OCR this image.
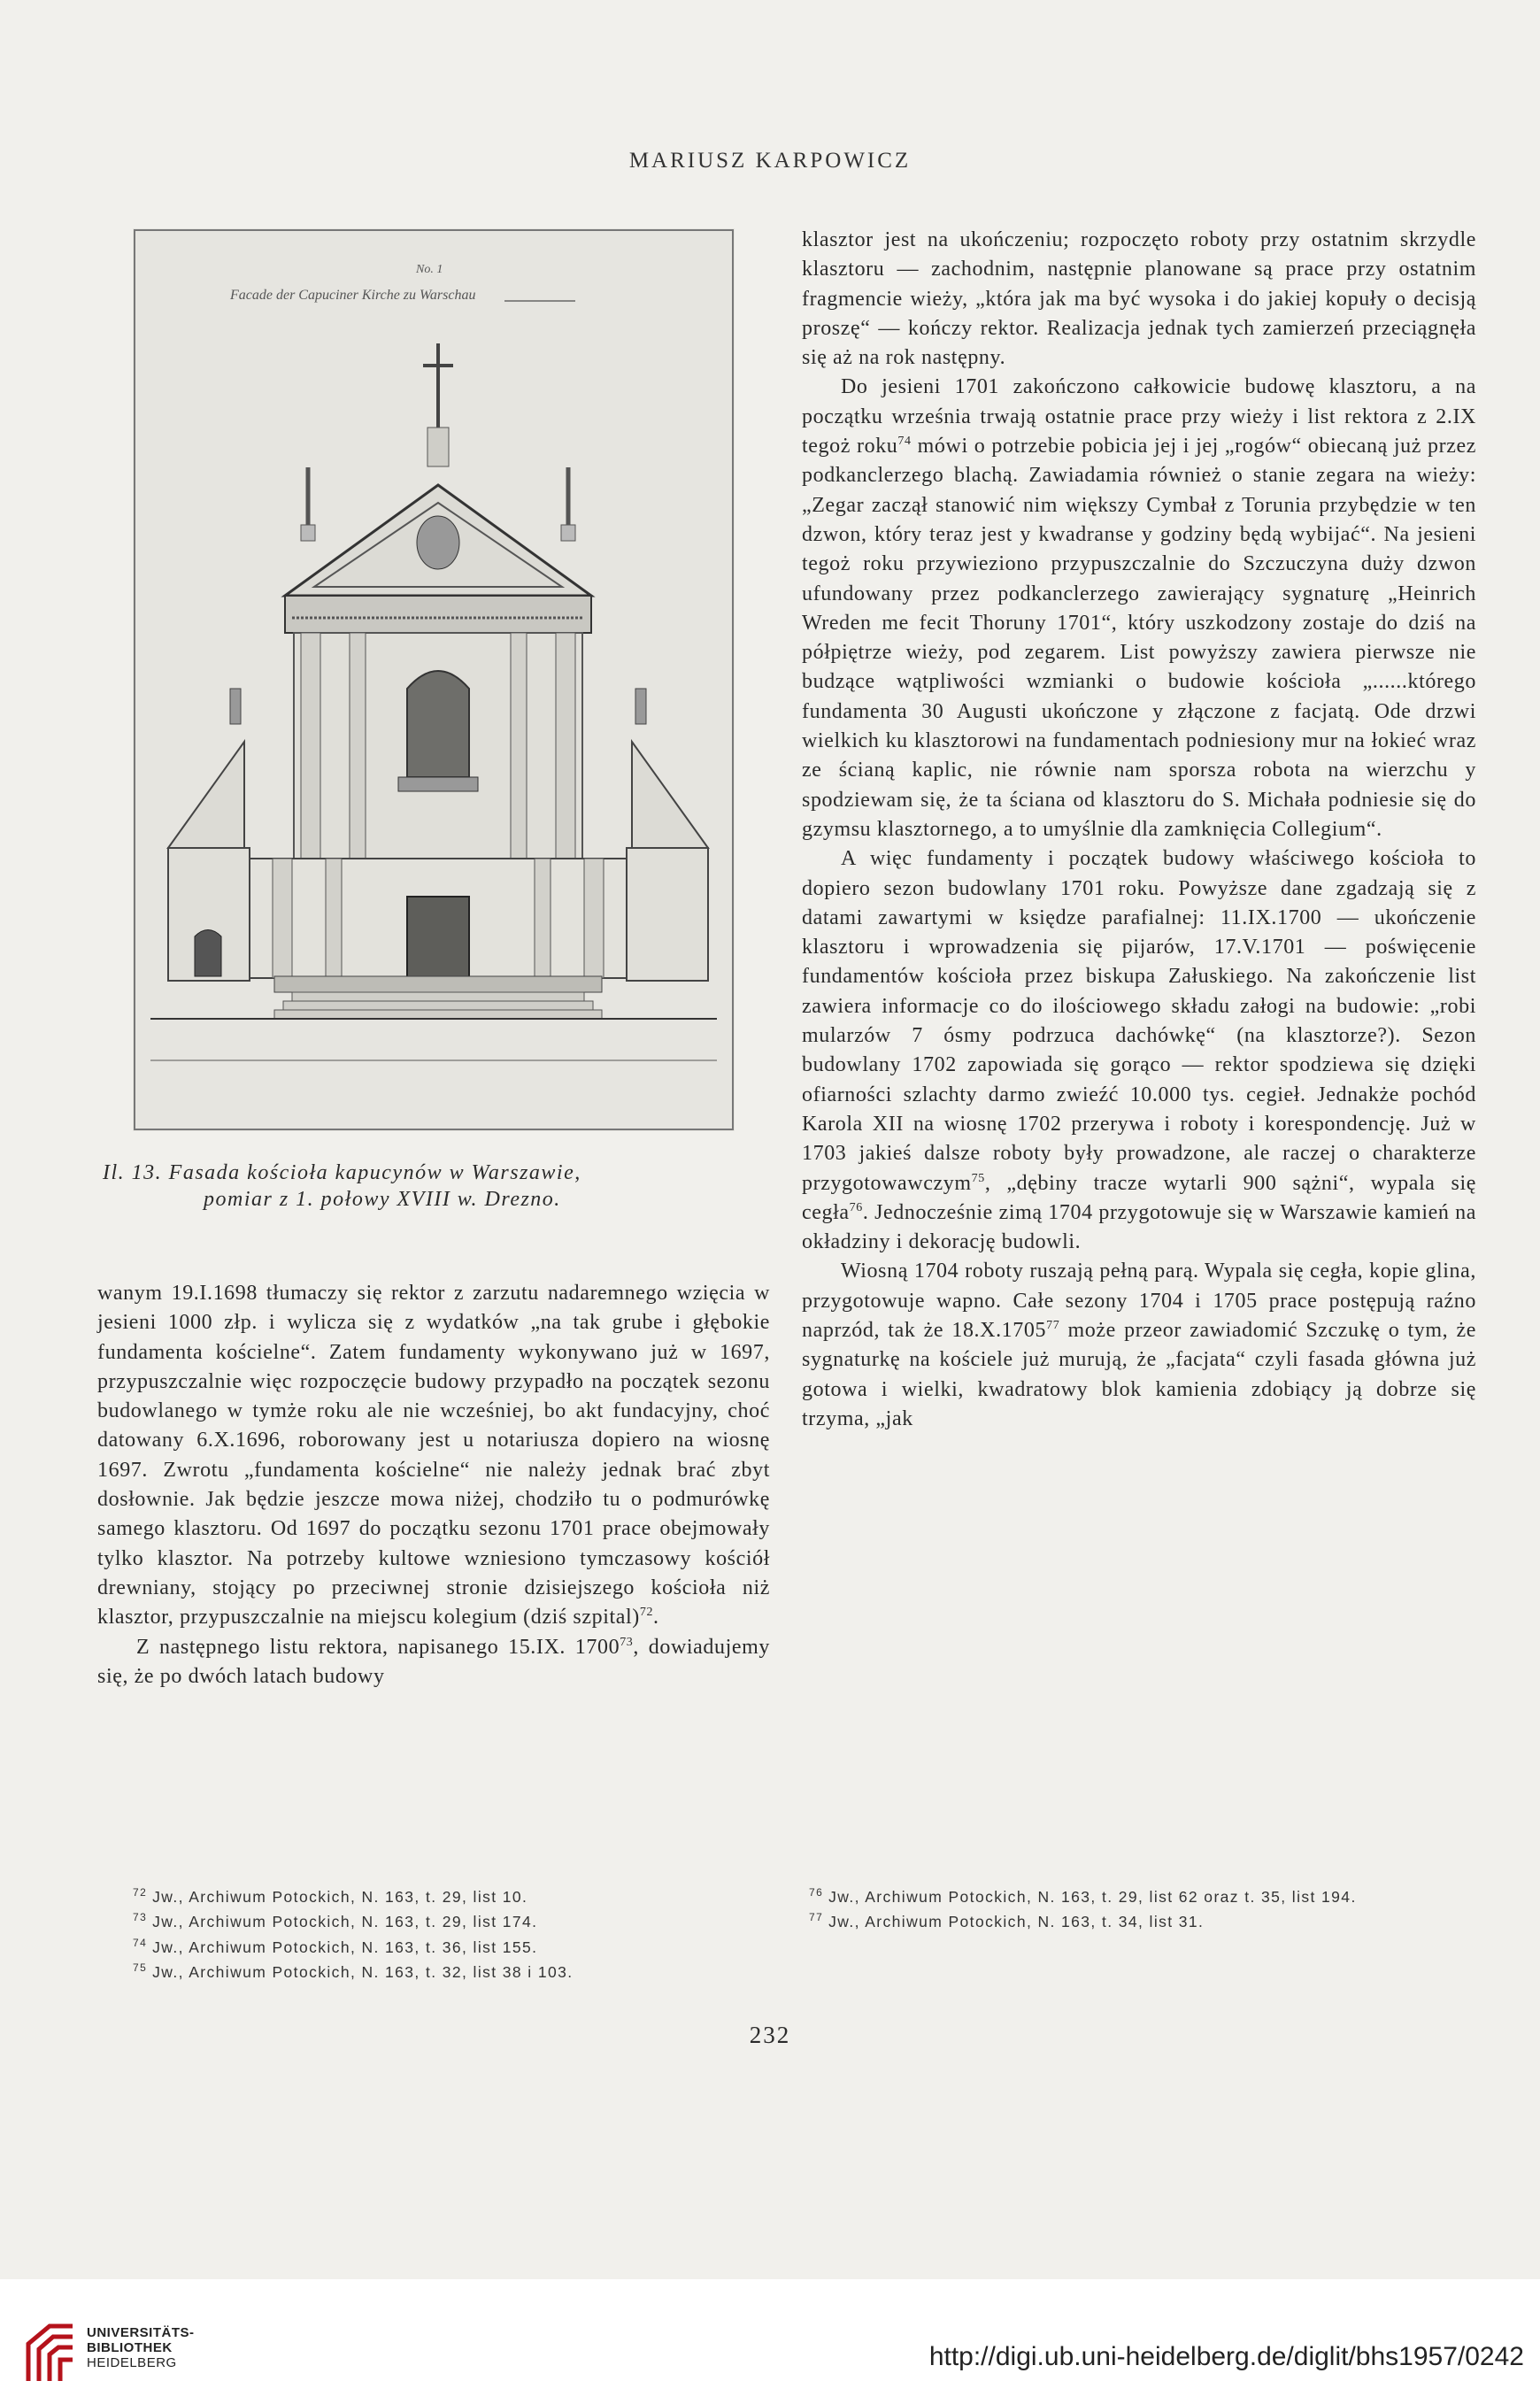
MARIUSZ KARPOWICZ
No. 1
Facade der Capuciner Kirche zu Warschau
Il. 13. Fasada kościoła kapucynów w Warszawie,
pomiar z 1. połowy XVIII w. Drezno.

wanym 19.I.1698 tłumaczy się rektor z zarzutu nadaremnego wzięcia w jesieni 1000 złp. i wylicza się z wydatków „na tak grube i głębokie fundamenta kościelne“. Zatem fundamenty wykonywano już w 1697, przypuszczalnie więc rozpoczęcie budowy przypadło na początek sezonu budowlanego w tymże roku ale nie wcześniej, bo akt fundacyjny, choć datowany 6.X.1696, roborowany jest u notariusza dopiero na wiosnę 1697. Zwrotu „fundamenta kościelne“ nie należy jednak brać zbyt dosłownie. Jak będzie jeszcze mowa niżej, chodziło tu o podmurówkę samego klasztoru. Od 1697 do początku sezonu 1701 prace obejmowały tylko klasztor. Na potrzeby kultowe wzniesiono tymczasowy kościół drewniany, stojący po przeciwnej stronie dzisiejszego kościoła niż klasztor, przypuszczalnie na miejscu kolegium (dziś szpital)$^{72}$.

Z następnego listu rektora, napisanego 15.IX. 1700$^{73}$, dowiadujemy się, że po dwóch latach budowy

klasztor jest na ukończeniu; rozpoczęto roboty przy ostatnim skrzydle klasztoru — zachodnim, następnie planowane są prace przy ostatnim fragmencie wieży, „która jak ma być wysoka i do jakiej kopuły o decisją proszę“ — kończy rektor. Realizacja jednak tych zamierzeń przeciągnęła się aż na rok następny.

Do jesieni 1701 zakończono całkowicie budowę klasztoru, a na początku września trwają ostatnie prace przy wieży i list rektora z 2.IX tegoż roku$^{74}$ mówi o potrzebie pobicia jej i jej „rogów“ obiecaną już przez podkanclerzego blachą. Zawiadamia również o stanie zegara na wieży: „Zegar zaczął stanowić nim większy Cymbał z Torunia przybędzie w ten dzwon, który teraz jest y kwadranse y godziny będą wybijać“. Na jesieni tegoż roku przywieziono przypuszczalnie do Szczuczyna duży dzwon ufundowany przez podkanclerzego zawierający sygnaturę „Heinrich Wreden me fecit Thoruny 1701“, który uszkodzony zostaje do dziś na półpiętrze wieży, pod zegarem. List powyższy zawiera pierwsze nie budzące wątpliwości wzmianki o budowie kościoła „......którego fundamenta 30 Augusti ukończone y złączone z facjatą. Ode drzwi wielkich ku klasztorowi na fundamentach podniesiony mur na łokieć wraz ze ścianą kaplic, nie równie nam sporsza robota na wierzchu y spodziewam się, że ta ściana od klasztoru do S. Michała podniesie się do gzymsu klasztornego, a to umyślnie dla zamknięcia Collegium“.

A więc fundamenty i początek budowy właściwego kościoła to dopiero sezon budowlany 1701 roku. Powyższe dane zgadzają się z datami zawartymi w księdze parafialnej: 11.IX.1700 — ukończenie klasztoru i wprowadzenia się pijarów, 17.V.1701 — poświęcenie fundamentów kościoła przez biskupa Załuskiego. Na zakończenie list zawiera informacje co do ilościowego składu załogi na budowie: „robi mularzów 7 ósmy podrzuca dachówkę“ (na klasztorze?). Sezon budowlany 1702 zapowiada się gorąco — rektor spodziewa się dzięki ofiarności szlachty darmo zwieźć 10.000 tys. cegieł. Jednakże pochód Karola XII na wiosnę 1702 przerywa i roboty i korespondencję. Już w 1703 jakieś dalsze roboty były prowadzone, ale raczej o charakterze przygotowawczym$^{75}$, „dębiny tracze wytarli 900 sążni“, wypala się cegła$^{76}$. Jednocześnie zimą 1704 przygotowuje się w Warszawie kamień na okładziny i dekorację budowli.

Wiosną 1704 roboty ruszają pełną parą. Wypala się cegła, kopie glina, przygotowuje wapno. Całe sezony 1704 i 1705 prace postępują raźno naprzód, tak że 18.X.1705$^{77}$ może przeor zawiadomić Szczukę o tym, że sygnaturkę na kościele już murują, że „facjata“ czyli fasada główna już gotowa i wielki, kwadratowy blok kamienia zdobiący ją dobrze się trzyma, „jak

$^{72}$ Jw., Archiwum Potockich, N. 163, t. 29, list 10.

$^{73}$ Jw., Archiwum Potockich, N. 163, t. 29, list 174.

$^{74}$ Jw., Archiwum Potockich, N. 163, t. 36, list 155.

$^{75}$ Jw., Archiwum Potockich, N. 163, t. 32, list 38 i 103.

$^{76}$ Jw., Archiwum Potockich, N. 163, t. 29, list 62 oraz t. 35, list 194.

$^{77}$ Jw., Archiwum Potockich, N. 163, t. 34, list 31.

232
UNIVERSITÄTS-
BIBLIOTHEK
HEIDELBERG	http://digi.ub.uni-heidelberg.de/diglit/bhs1957/0242
